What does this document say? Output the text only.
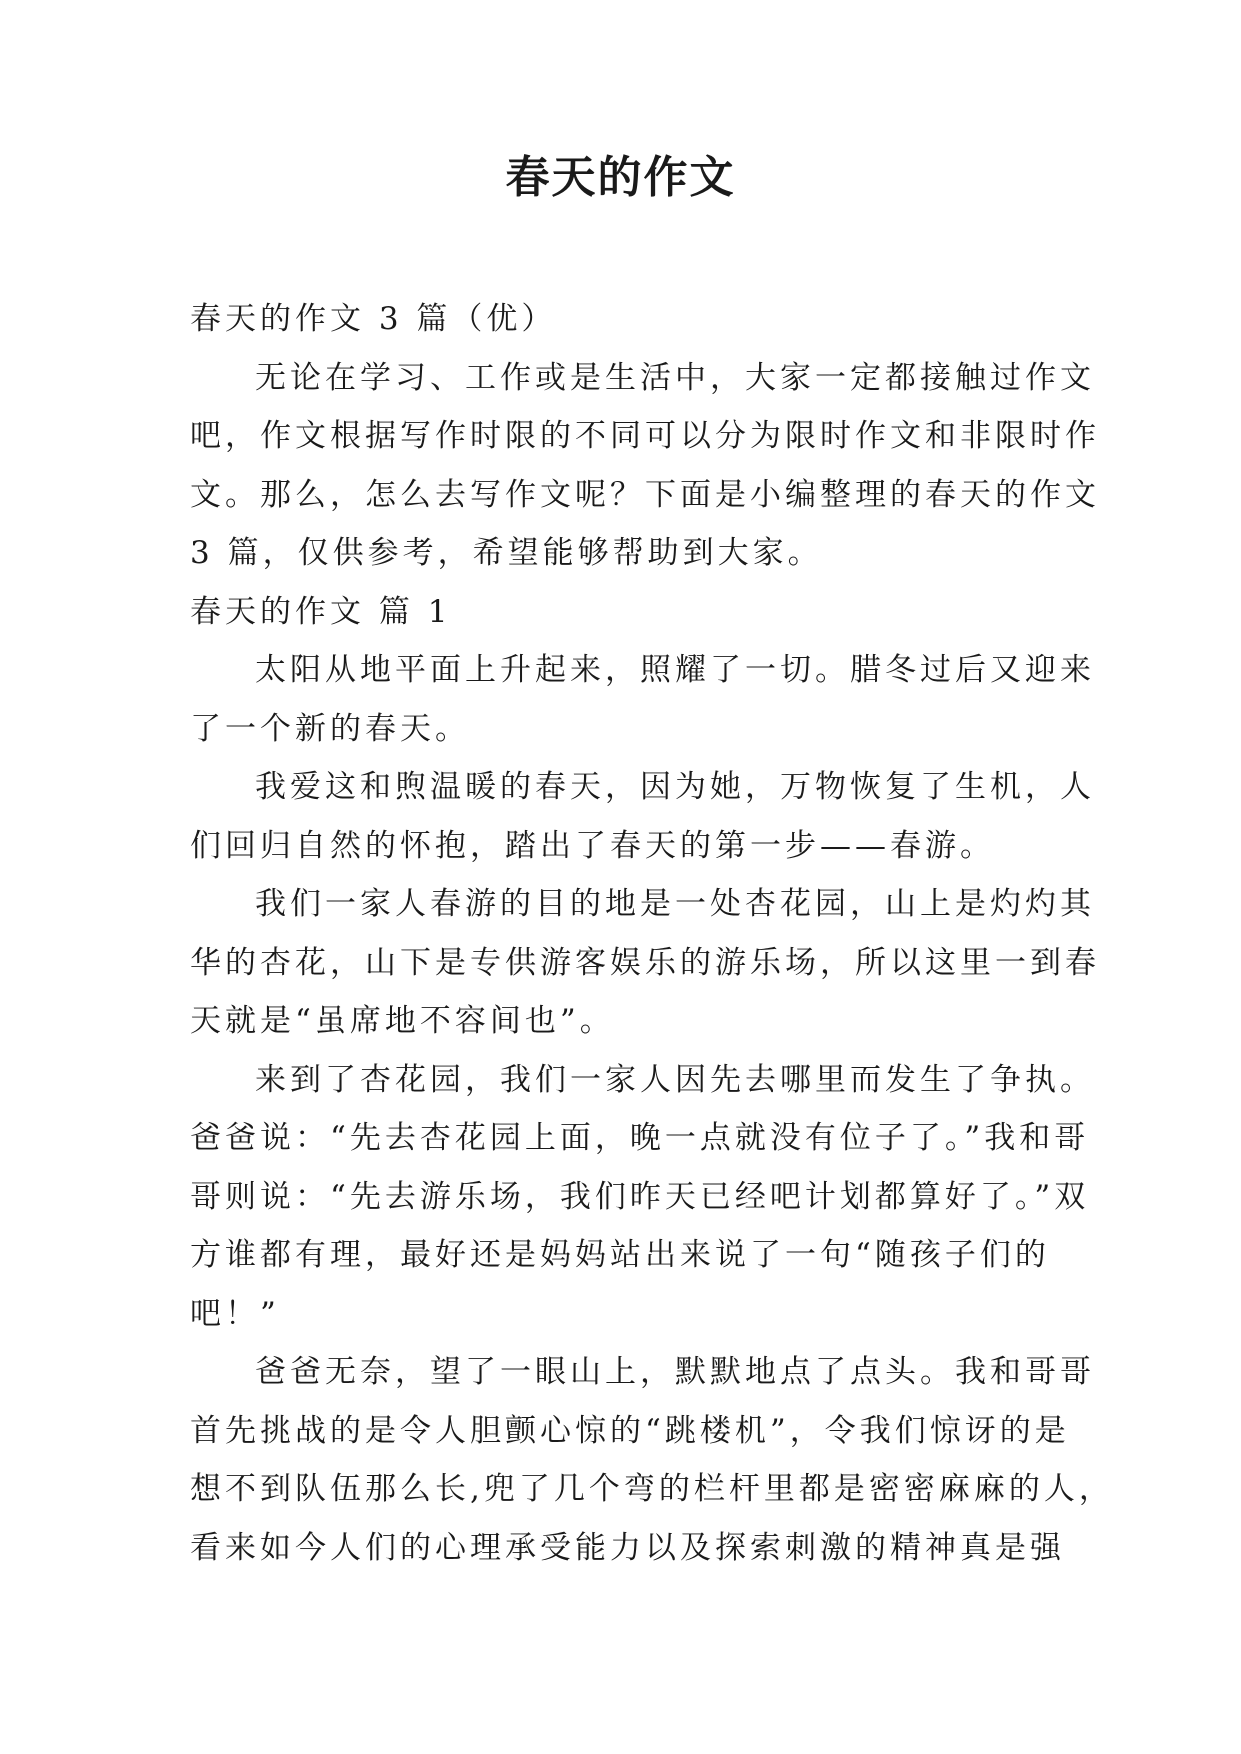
春天的作文

春天的作文 3 篇（优）

无论在学习、工作或是生活中，大家一定都接触过作文

吧，作文根据写作时限的不同可以分为限时作文和非限时作

文。那么，怎么去写作文呢？下面是小编整理的春天的作文

3 篇，仅供参考，希望能够帮助到大家。

春天的作文 篇 1

太阳从地平面上升起来，照耀了一切。腊冬过后又迎来

了一个新的春天。

我爱这和煦温暖的春天，因为她，万物恢复了生机，人

们回归自然的怀抱，踏出了春天的第一步——春游。

我们一家人春游的目的地是一处杏花园，山上是灼灼其

华的杏花，山下是专供游客娱乐的游乐场，所以这里一到春

天就是“虽席地不容间也”。

来到了杏花园，我们一家人因先去哪里而发生了争执。

爸爸说：“先去杏花园上面，晚一点就没有位子了。”我和哥

哥则说：“先去游乐场，我们昨天已经吧计划都算好了。”双

方谁都有理，最好还是妈妈站出来说了一句“随孩子们的

吧！”

爸爸无奈，望了一眼山上，默默地点了点头。我和哥哥

首先挑战的是令人胆颤心惊的“跳楼机”，令我们惊讶的是

想不到队伍那么长,兜了几个弯的栏杆里都是密密麻麻的人，

看来如今人们的心理承受能力以及探索刺激的精神真是强
